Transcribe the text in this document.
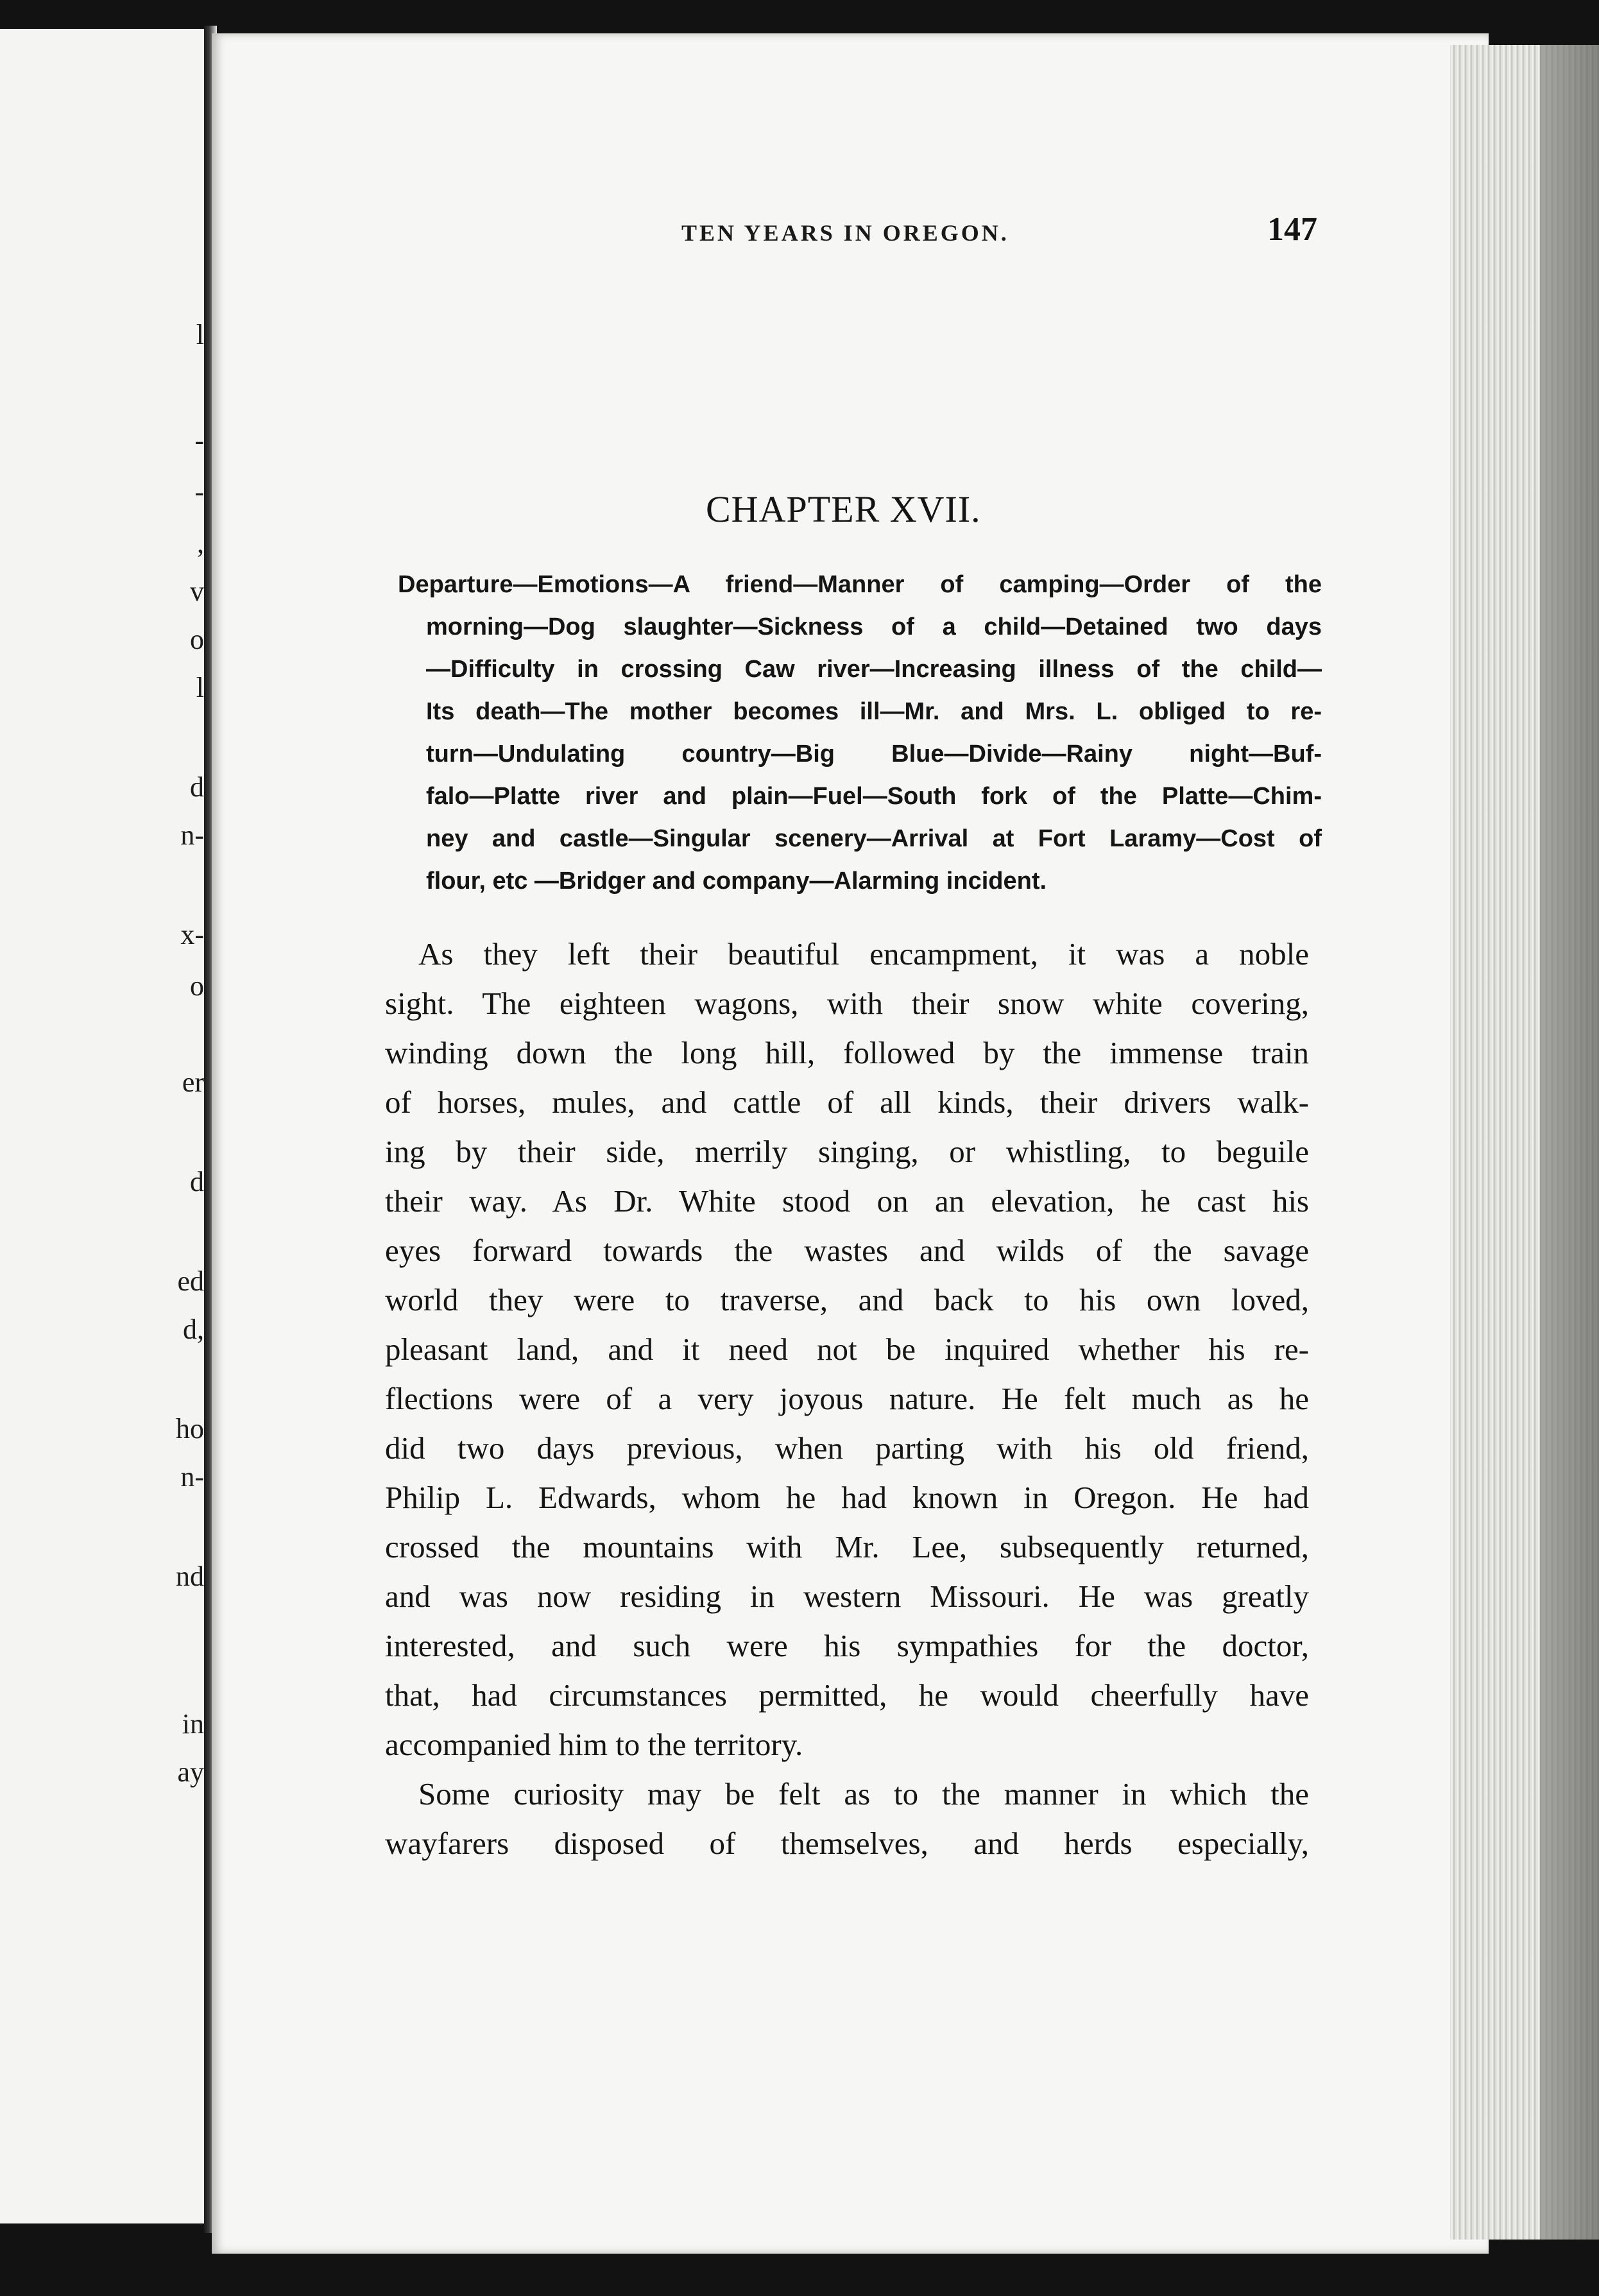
l
-
-
,
v
o
l
d
n-
x-
o
er
d
ed
d,
ho
n-
nd
in
ay
TEN YEARS IN OREGON.	147
CHAPTER XVII.
Departure—Emotions—A friend—Manner of camping—Order of the
morning—Dog slaughter—Sickness of a child—Detained two days
—Difficulty in crossing Caw river—Increasing illness of the child—
Its death—The mother becomes ill—Mr. and Mrs. L. obliged to re-
turn—Undulating country—Big Blue—Divide—Rainy night—Buf-
falo—Platte river and plain—Fuel—South fork of the Platte—Chim-
ney and castle—Singular scenery—Arrival at Fort Laramy—Cost of
flour, etc —Bridger and company—Alarming incident.
As they left their beautiful encampment, it was a noble
sight. The eighteen wagons, with their snow white covering,
winding down the long hill, followed by the immense train
of horses, mules, and cattle of all kinds, their drivers walk-
ing by their side, merrily singing, or whistling, to beguile
their way. As Dr. White stood on an elevation, he cast his
eyes forward towards the wastes and wilds of the savage
world they were to traverse, and back to his own loved,
pleasant land, and it need not be inquired whether his re-
flections were of a very joyous nature. He felt much as he
did two days previous, when parting with his old friend,
Philip L. Edwards, whom he had known in Oregon. He had
crossed the mountains with Mr. Lee, subsequently returned,
and was now residing in western Missouri. He was greatly
interested, and such were his sympathies for the doctor,
that, had circumstances permitted, he would cheerfully have
accompanied him to the territory.
Some curiosity may be felt as to the manner in which the
wayfarers disposed of themselves, and herds especially,
